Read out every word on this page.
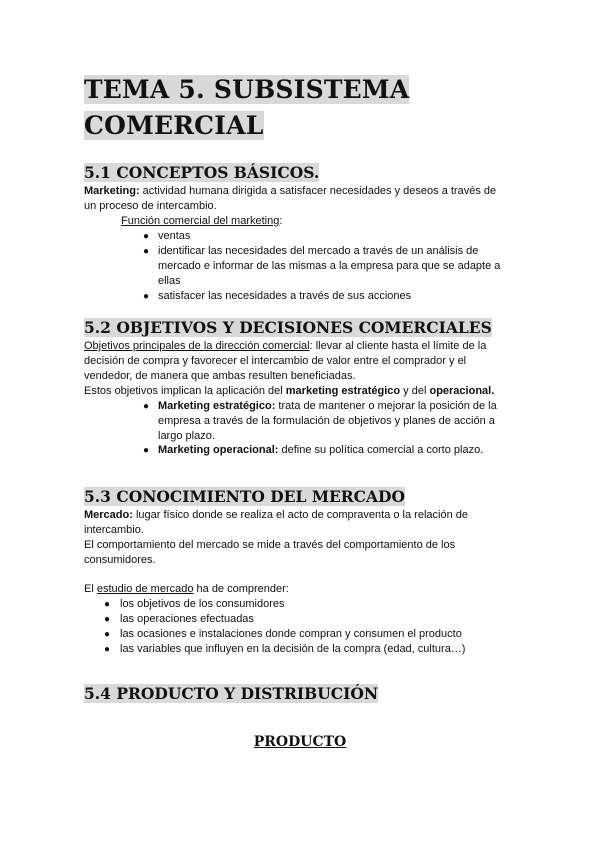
TEMA 5. SUBSISTEMA
COMERCIAL
5.1 CONCEPTOS BÁSICOS.
Marketing: actividad humana dirigida a satisfacer necesidades y deseos a través de
un proceso de intercambio.
Función comercial del marketing:
● ventas
● identificar las necesidades del mercado a través de un análisis de
mercado e informar de las mismas a la empresa para que se adapte a
ellas
● satisfacer las necesidades a través de sus acciones
5.2 OBJETIVOS Y DECISIONES COMERCIALES
Objetivos principales de la dirección comercial: llevar al cliente hasta el límite de la
decisión de compra y favorecer el intercambio de valor entre el comprador y el
vendedor, de manera que ambas resulten beneficiadas.
Estos objetivos implican la aplicación del marketing estratégico y del operacional.
● Marketing estratégico: trata de mantener o mejorar la posición de la
empresa a través de la formulación de objetivos y planes de acción a
largo plazo.
● Marketing operacional: define su política comercial a corto plazo.
5.3 CONOCIMIENTO DEL MERCADO
Mercado: lugar físico donde se realiza el acto de compraventa o la relación de
intercambio.
El comportamiento del mercado se mide a través del comportamiento de los
consumidores.
El estudio de mercado ha de comprender:
● los objetivos de los consumidores
● las operaciones efectuadas
● las ocasiones e instalaciones donde compran y consumen el producto
● las variables que influyen en la decisión de la compra (edad, cultura…)
5.4 PRODUCTO Y DISTRIBUCIÓN
PRODUCTO
